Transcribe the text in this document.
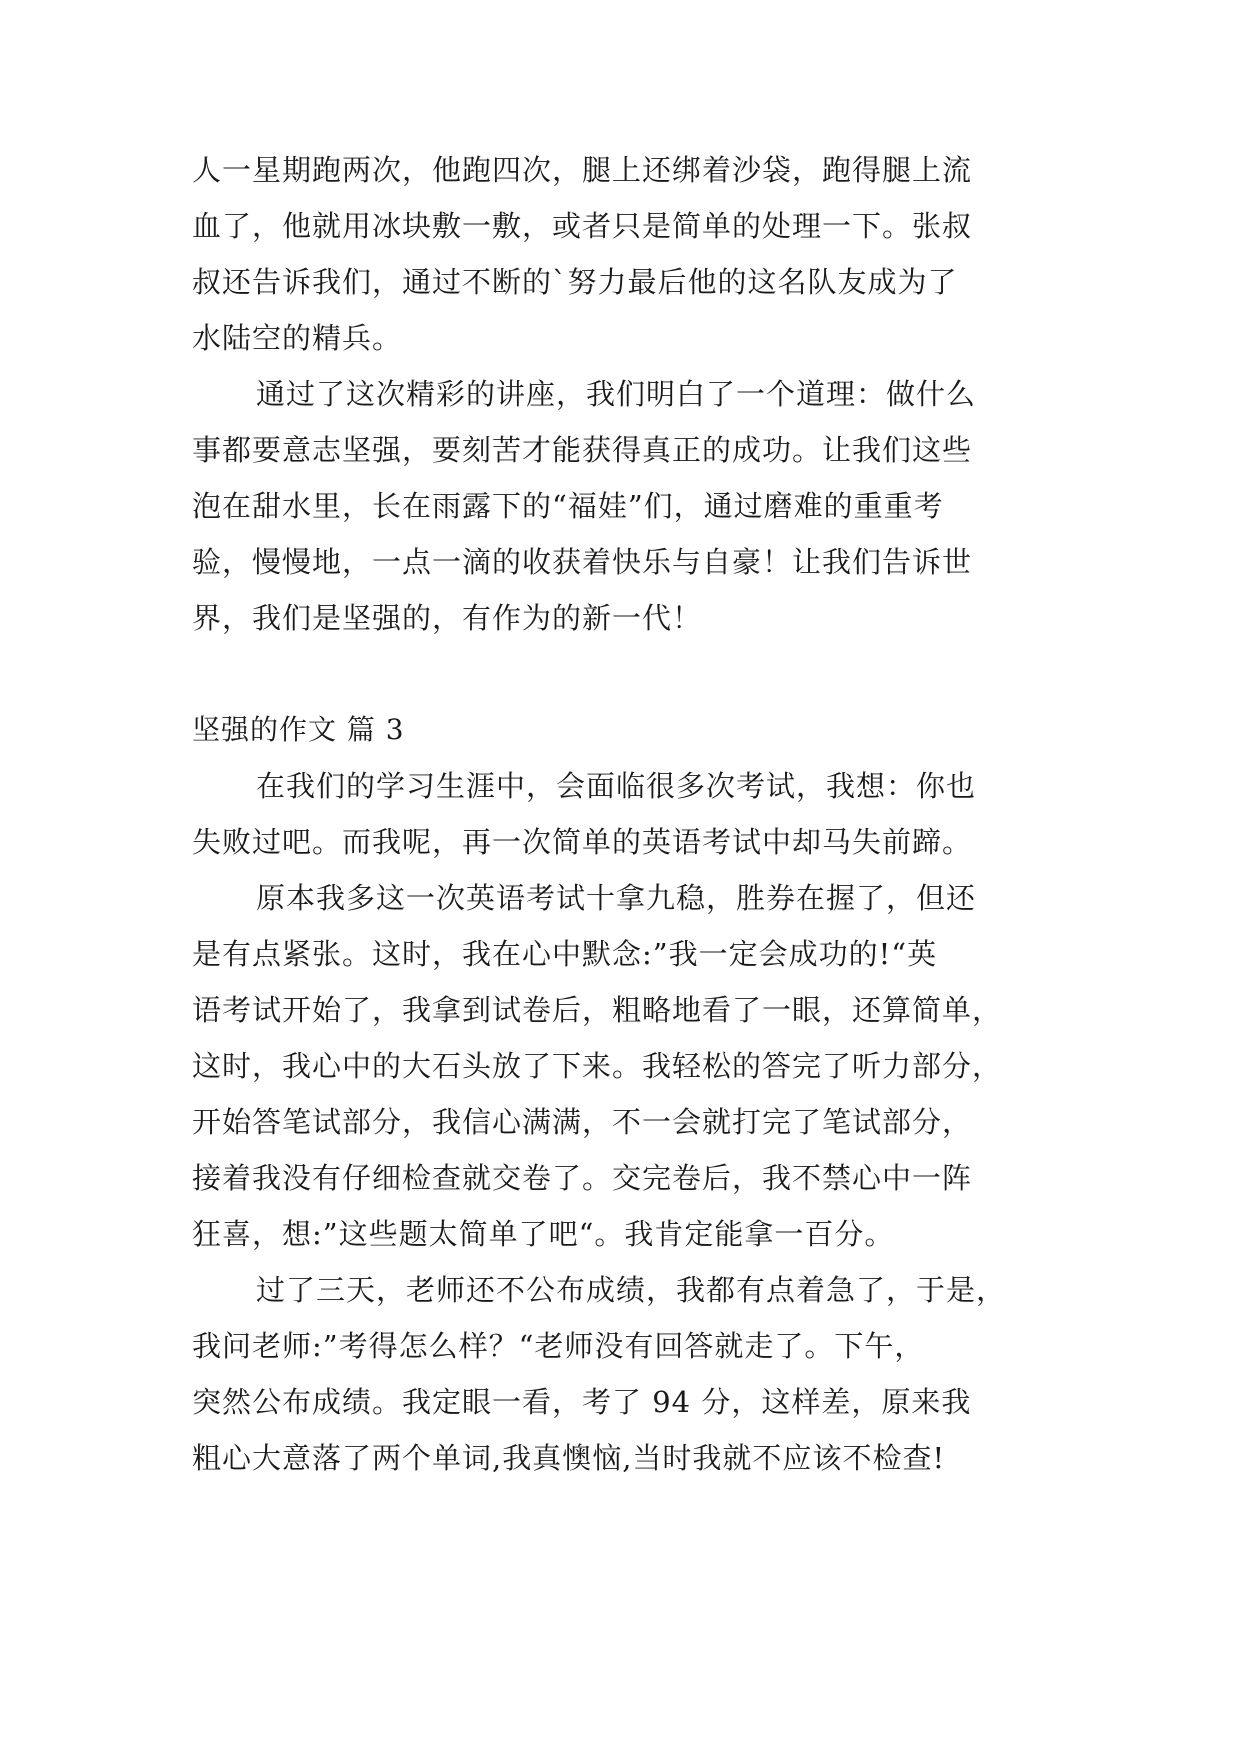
人一星期跑两次，他跑四次，腿上还绑着沙袋，跑得腿上流
血了，他就用冰块敷一敷，或者只是简单的处理一下。张叔
叔还告诉我们，通过不断的`努力最后他的这名队友成为了
水陆空的精兵。
通过了这次精彩的讲座，我们明白了一个道理：做什么
事都要意志坚强，要刻苦才能获得真正的成功。让我们这些
泡在甜水里，长在雨露下的“福娃”们，通过磨难的重重考
验，慢慢地，一点一滴的收获着快乐与自豪！让我们告诉世
界，我们是坚强的，有作为的新一代！
坚强的作文 篇 3
在我们的学习生涯中，会面临很多次考试，我想：你也
失败过吧。而我呢，再一次简单的英语考试中却马失前蹄。
原本我多这一次英语考试十拿九稳，胜券在握了，但还
是有点紧张。这时，我在心中默念:”我一定会成功的!“英
语考试开始了，我拿到试卷后，粗略地看了一眼，还算简单，
这时，我心中的大石头放了下来。我轻松的答完了听力部分，
开始答笔试部分，我信心满满，不一会就打完了笔试部分，
接着我没有仔细检查就交卷了。交完卷后，我不禁心中一阵
狂喜，想:”这些题太简单了吧“。我肯定能拿一百分。
过了三天，老师还不公布成绩，我都有点着急了，于是，
我问老师:”考得怎么样？“老师没有回答就走了。下午，
突然公布成绩。我定眼一看，考了 94 分，这样差，原来我
粗心大意落了两个单词,我真懊恼,当时我就不应该不检查!
